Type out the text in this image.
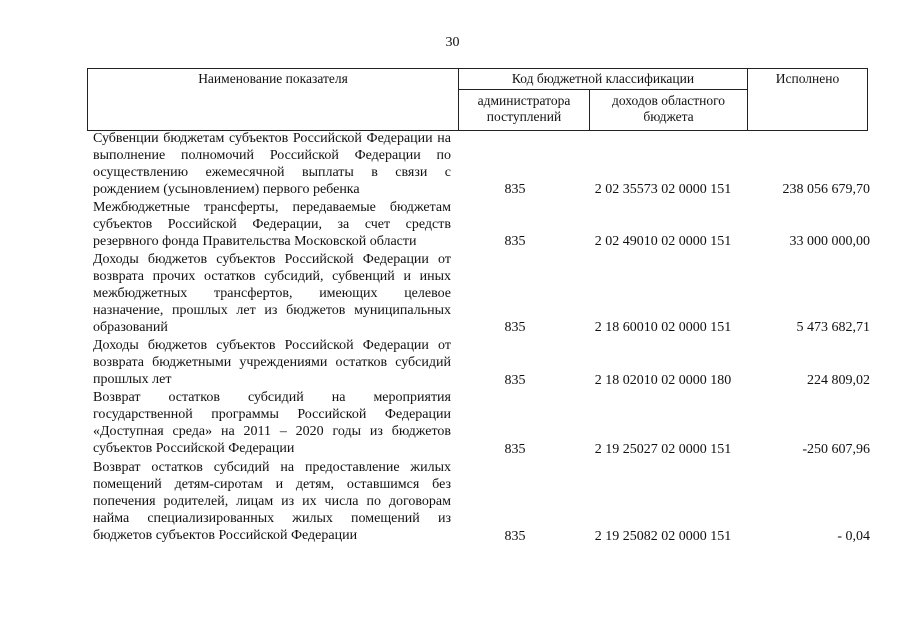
30
Наименование показателя	Код бюджетной классификации		Исполнено

	администратора поступлений	доходов областного бюджета	
Субвенции бюджетам субъектов Российской Федерации на выполнение полномочий Российской Федерации по осуществлению ежемесячной выплаты в связи с рождением (усыновлением) первого ребенка	835	2 02 35573 02 0000 151	238 056 679,70
Межбюджетные трансферты, передаваемые бюджетам субъектов Российской Федерации, за счет средств резервного фонда Правительства Московской области	835	2 02 49010 02 0000 151	33 000 000,00
Доходы бюджетов субъектов Российской Федерации от возврата прочих остатков субсидий, субвенций и иных межбюджетных трансфертов, имеющих целевое назначение, прошлых лет из бюджетов муниципальных образований	835	2 18 60010 02 0000 151	5 473 682,71
Доходы бюджетов субъектов Российской Федерации от возврата бюджетными учреждениями остатков субсидий прошлых лет	835	2 18 02010 02 0000 180	224 809,02
Возврат остатков субсидий на мероприятия государственной программы Российской Федерации «Доступная среда» на 2011 – 2020 годы из бюджетов субъектов Российской Федерации	835	2 19 25027 02 0000 151	-250 607,96
Возврат остатков субсидий на предоставление жилых помещений детям-сиротам и детям, оставшимся без попечения родителей, лицам из их числа по договорам найма специализированных жилых помещений из бюджетов субъектов Российской Федерации	835	2 19 25082 02 0000 151	- 0,04
